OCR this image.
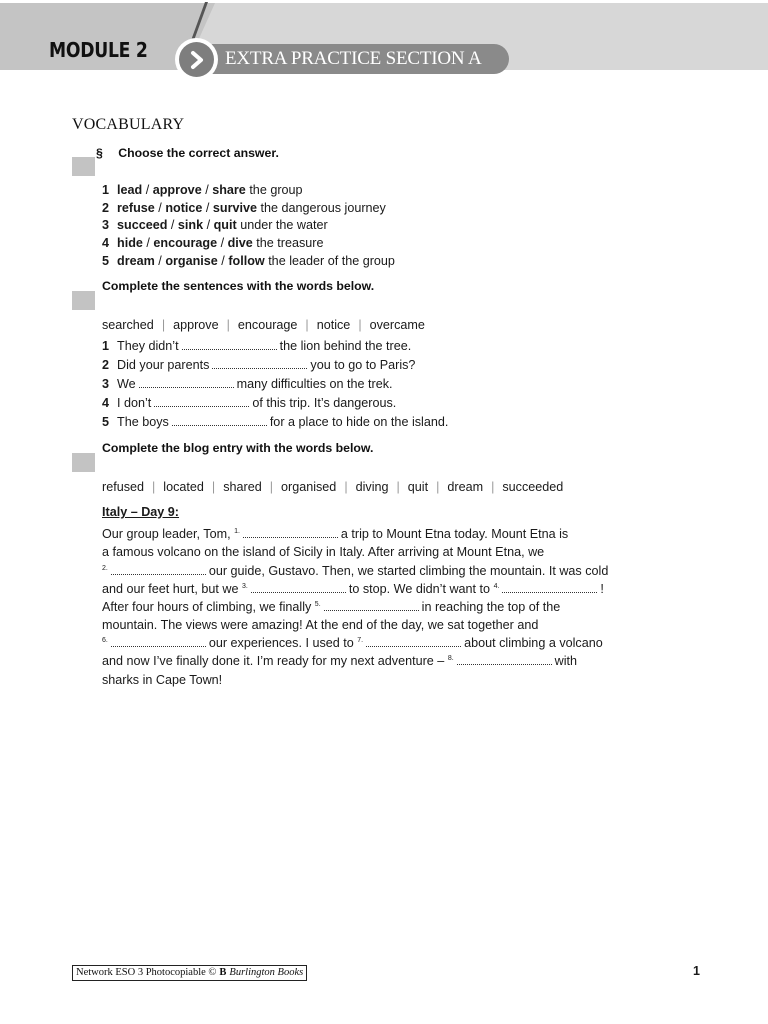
MODULE 2	EXTRA PRACTICE SECTION A
VOCABULARY
§ Choose the correct answer.
1 lead / approve / share the group
2 refuse / notice / survive the dangerous journey
3 succeed / sink / quit under the water
4 hide / encourage / dive the treasure
5 dream / organise / follow the leader of the group
Complete the sentences with the words below.
searched | approve | encourage | notice | overcame
1 They didn’t	the lion behind the tree.
2 Did your parents	you to go to Paris?
3 We	many difficulties on the trek.
4 I don’t	of this trip. It’s dangerous.
5 The boys	for a place to hide on the island.
Complete the blog entry with the words below.
refused | located | shared | organised | diving | quit | dream | succeeded
Italy – Day 9:
Our group leader, Tom, $^{1.}$	a trip to Mount Etna today. Mount Etna is
a famous volcano on the island of Sicily in Italy. After arriving at Mount Etna, we
$^{2.}$	our guide, Gustavo. Then, we started climbing the mountain. It was cold
and our feet hurt, but we $^{3.}$	to stop. We didn’t want to $^{4.}$	!
After four hours of climbing, we finally $^{5.}$	in reaching the top of the
mountain. The views were amazing! At the end of the day, we sat together and
$^{6.}$	our experiences. I used to $^{7.}$	about climbing a volcano
and now I’ve finally done it. I’m ready for my next adventure – $^{8.}$	with
sharks in Cape Town!
Network ESO 3 Photocopiable © B Burlington Books	1
